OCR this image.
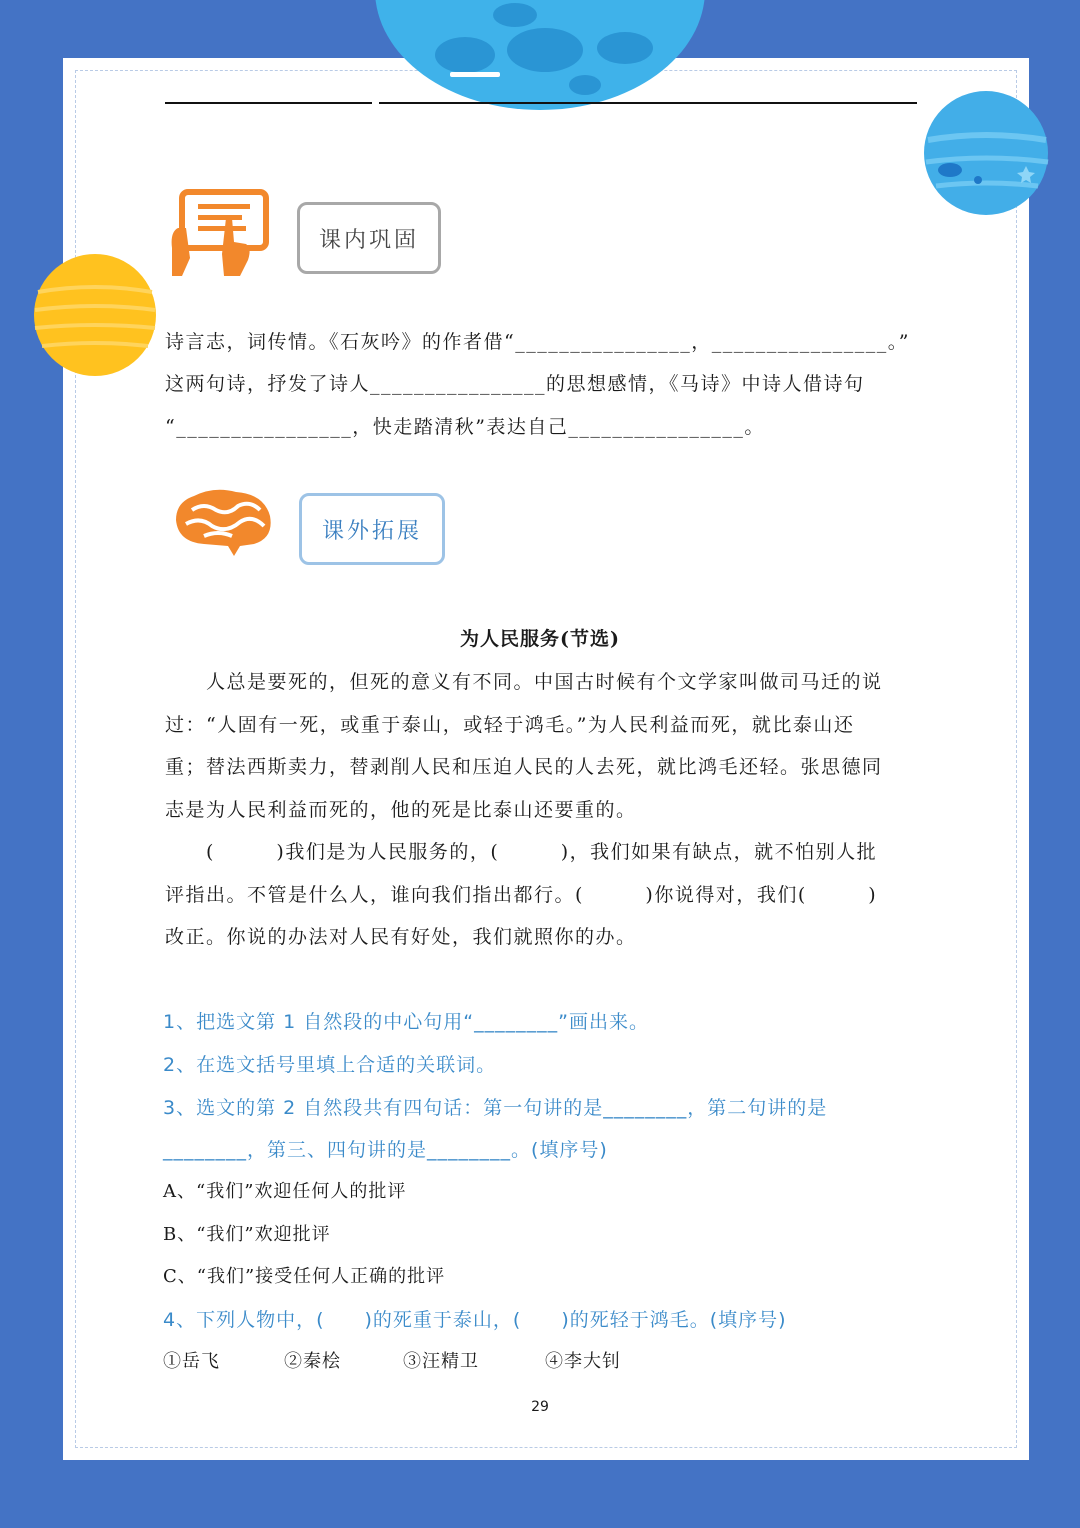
课内巩固
诗言志，词传情。《石灰吟》的作者借“________________，________________。”
这两句诗，抒发了诗人________________的思想感情，《马诗》中诗人借诗句
“________________，快走踏清秋”表达自己________________。
课外拓展
为人民服务(节选)
　　人总是要死的，但死的意义有不同。中国古时候有个文学家叫做司马迁的说
过：“人固有一死，或重于泰山，或轻于鸿毛。”为人民利益而死，就比泰山还
重；替法西斯卖力，替剥削人民和压迫人民的人去死，就比鸿毛还轻。张思德同
志是为人民利益而死的，他的死是比泰山还要重的。
　　(　　　)我们是为人民服务的，(　　　)，我们如果有缺点，就不怕别人批
评指出。不管是什么人，谁向我们指出都行。(　　　)你说得对，我们(　　　)
改正。你说的办法对人民有好处，我们就照你的办。
1、把选文第 1 自然段的中心句用“________”画出来。
2、在选文括号里填上合适的关联词。
3、选文的第 2 自然段共有四句话：第一句讲的是________，第二句讲的是
________，第三、四句讲的是________。(填序号)
A、“我们”欢迎任何人的批评
B、“我们”欢迎批评
C、“我们”接受任何人正确的批评
4、下列人物中，(　　)的死重于泰山，(　　)的死轻于鸿毛。(填序号)
①岳飞	②秦桧	③汪精卫	④李大钊
29
